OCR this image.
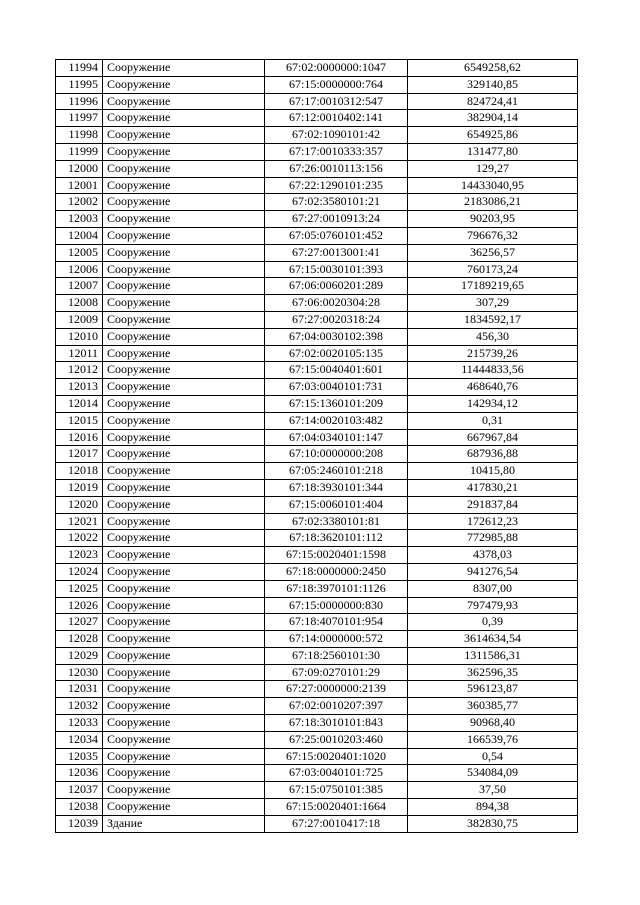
11994	Сооружение	67:02:0000000:1047	6549258,62
11995	Сооружение	67:15:0000000:764	329140,85
11996	Сооружение	67:17:0010312:547	824724,41
11997	Сооружение	67:12:0010402:141	382904,14
11998	Сооружение	67:02:1090101:42	654925,86
11999	Сооружение	67:17:0010333:357	131477,80
12000	Сооружение	67:26:0010113:156	129,27
12001	Сооружение	67:22:1290101:235	14433040,95
12002	Сооружение	67:02:3580101:21	2183086,21
12003	Сооружение	67:27:0010913:24	90203,95
12004	Сооружение	67:05:0760101:452	796676,32
12005	Сооружение	67:27:0013001:41	36256,57
12006	Сооружение	67:15:0030101:393	760173,24
12007	Сооружение	67:06:0060201:289	17189219,65
12008	Сооружение	67:06:0020304:28	307,29
12009	Сооружение	67:27:0020318:24	1834592,17
12010	Сооружение	67:04:0030102:398	456,30
12011	Сооружение	67:02:0020105:135	215739,26
12012	Сооружение	67:15:0040401:601	11444833,56
12013	Сооружение	67:03:0040101:731	468640,76
12014	Сооружение	67:15:1360101:209	142934,12
12015	Сооружение	67:14:0020103:482	0,31
12016	Сооружение	67:04:0340101:147	667967,84
12017	Сооружение	67:10:0000000:208	687936,88
12018	Сооружение	67:05:2460101:218	10415,80
12019	Сооружение	67:18:3930101:344	417830,21
12020	Сооружение	67:15:0060101:404	291837,84
12021	Сооружение	67:02:3380101:81	172612,23
12022	Сооружение	67:18:3620101:112	772985,88
12023	Сооружение	67:15:0020401:1598	4378,03
12024	Сооружение	67:18:0000000:2450	941276,54
12025	Сооружение	67:18:3970101:1126	8307,00
12026	Сооружение	67:15:0000000:830	797479,93
12027	Сооружение	67:18:4070101:954	0,39
12028	Сооружение	67:14:0000000:572	3614634,54
12029	Сооружение	67:18:2560101:30	1311586,31
12030	Сооружение	67:09:0270101:29	362596,35
12031	Сооружение	67:27:0000000:2139	596123,87
12032	Сооружение	67:02:0010207:397	360385,77
12033	Сооружение	67:18:3010101:843	90968,40
12034	Сооружение	67:25:0010203:460	166539,76
12035	Сооружение	67:15:0020401:1020	0,54
12036	Сооружение	67:03:0040101:725	534084,09
12037	Сооружение	67:15:0750101:385	37,50
12038	Сооружение	67:15:0020401:1664	894,38
12039	Здание	67:27:0010417:18	382830,75
